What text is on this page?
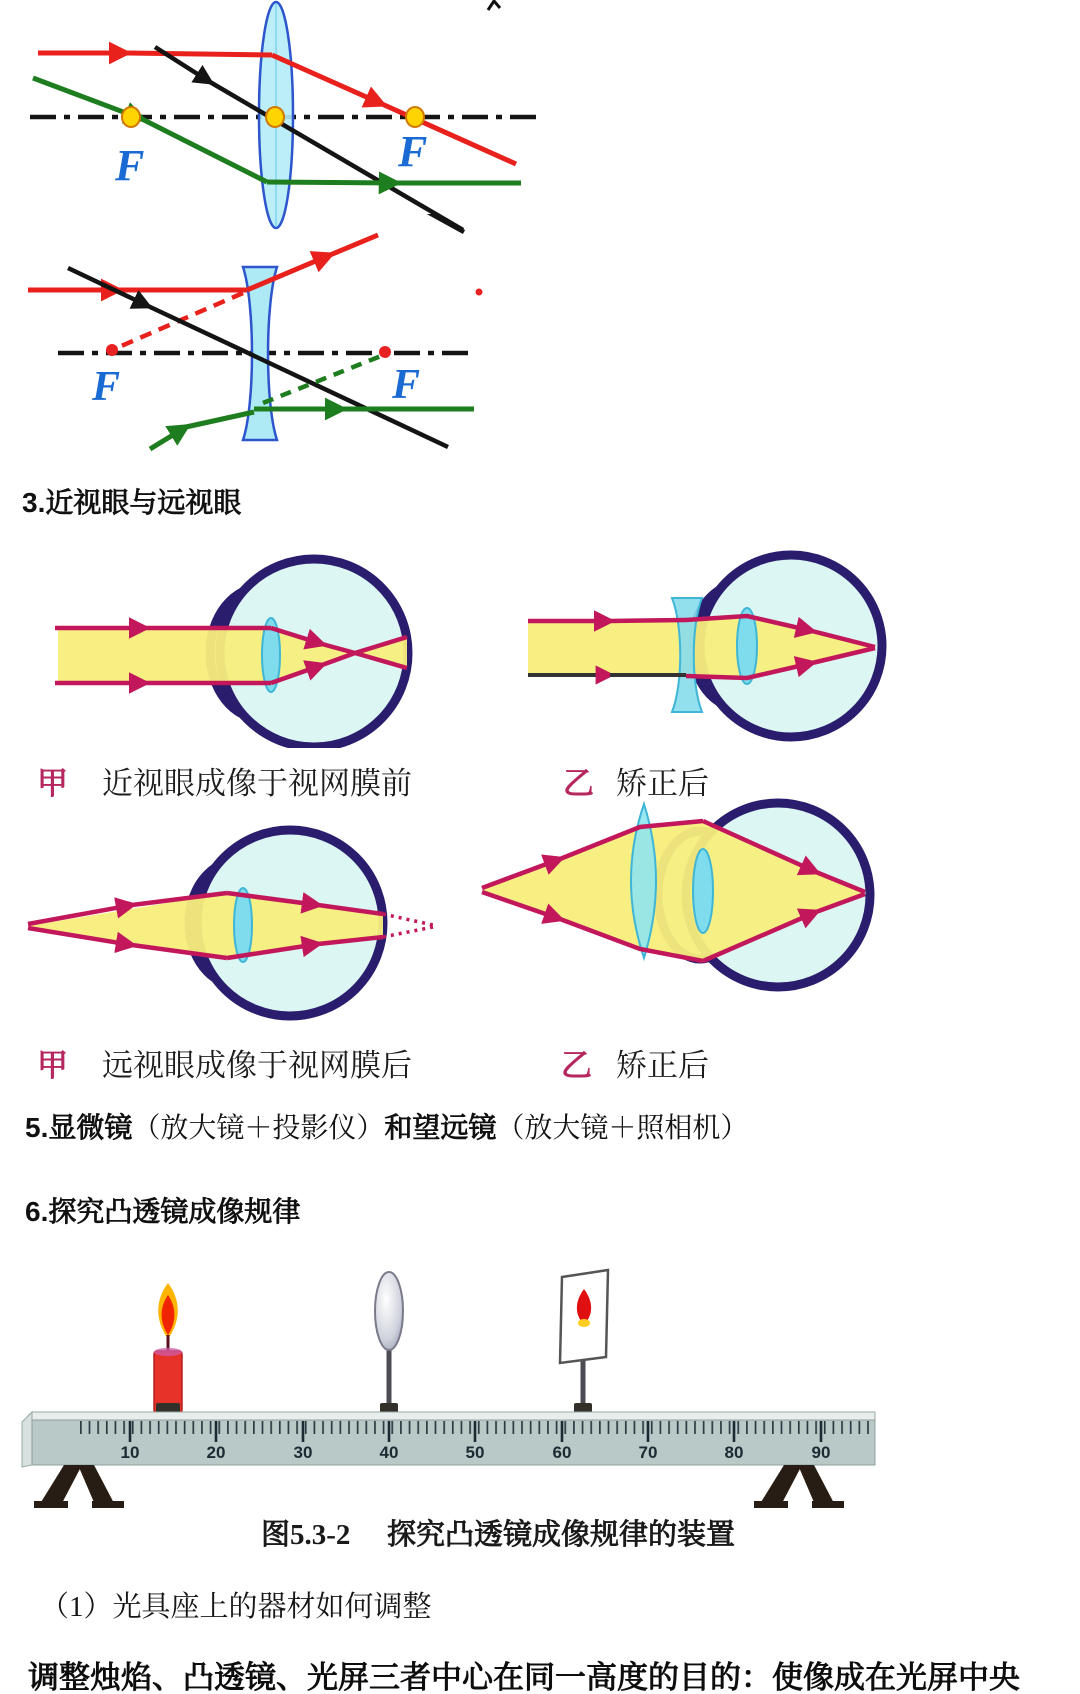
F	F
F	F
3.近视眼与远视眼
甲 近视眼成像于视网膜前	乙 矫正后
甲 远视眼成像于视网膜后	乙 矫正后
5.显微镜（放大镜＋投影仪）和望远镜（放大镜＋照相机）
6.探究凸透镜成像规律
10	20	30	40	50	60	70	80	90
图5.3-2 探究凸透镜成像规律的装置
（1）光具座上的器材如何调整
调整烛焰、凸透镜、光屏三者中心在同一高度的目的：使像成在光屏中央
